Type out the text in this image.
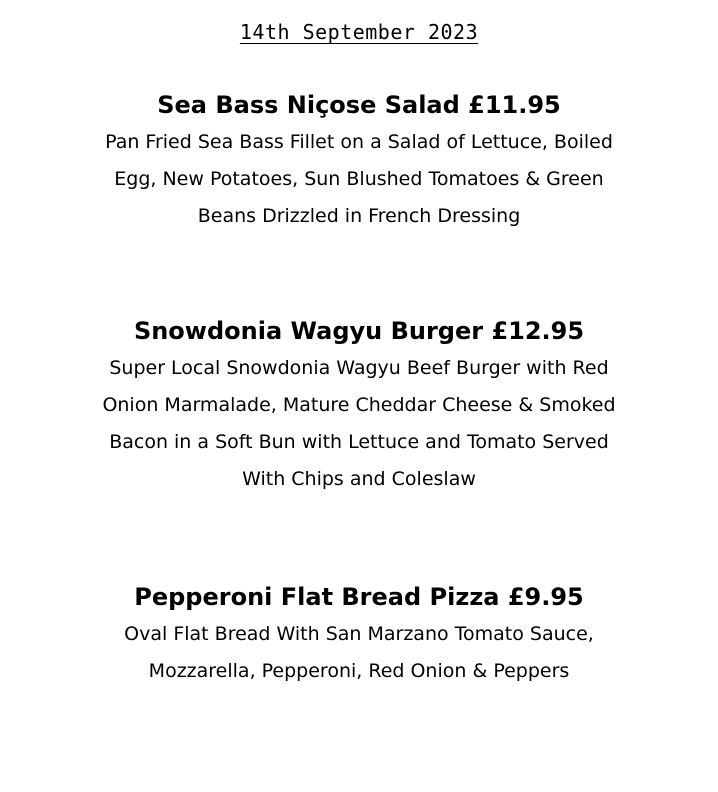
14th September 2023
Sea Bass Niçose Salad £11.95

Pan Fried Sea Bass Fillet on a Salad of Lettuce, Boiled
Egg, New Potatoes, Sun Blushed Tomatoes & Green
Beans Drizzled in French Dressing

Snowdonia Wagyu Burger £12.95

Super Local Snowdonia Wagyu Beef Burger with Red
Onion Marmalade, Mature Cheddar Cheese & Smoked
Bacon in a Soft Bun with Lettuce and Tomato Served
With Chips and Coleslaw

Pepperoni Flat Bread Pizza £9.95

Oval Flat Bread With San Marzano Tomato Sauce,
Mozzarella, Pepperoni, Red Onion & Peppers
